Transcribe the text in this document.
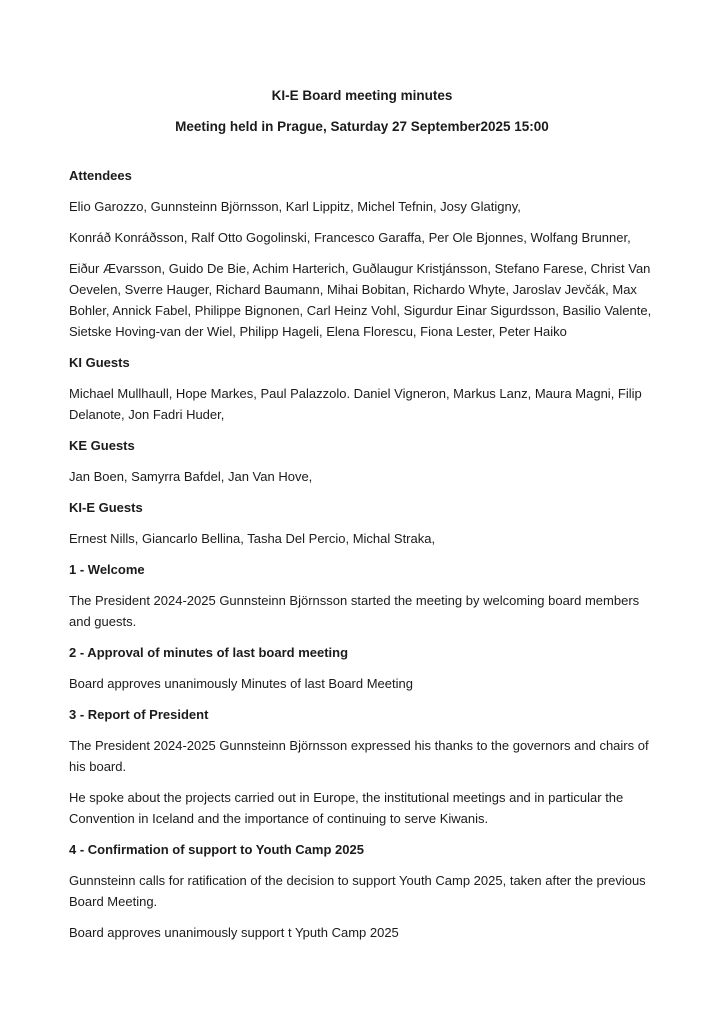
KI-E Board meeting minutes
Meeting held in Prague, Saturday 27 September2025 15:00
Attendees

Elio Garozzo, Gunnsteinn Björnsson, Karl Lippitz, Michel Tefnin, Josy Glatigny,

Konráð Konráðsson, Ralf Otto Gogolinski, Francesco Garaffa, Per Ole Bjonnes, Wolfang Brunner,

Eiður Ævarsson, Guido De Bie, Achim Harterich, Guðlaugur Kristjánsson, Stefano Farese, Christ Van Oevelen, Sverre Hauger, Richard Baumann, Mihai Bobitan, Richardo Whyte, Jaroslav Jevčák, Max Bohler, Annick Fabel, Philippe Bignonen, Carl Heinz Vohl, Sigurdur Einar Sigurdsson, Basilio Valente, Sietske Hoving-van der Wiel, Philipp Hageli, Elena Florescu, Fiona Lester, Peter Haiko

KI Guests

Michael Mullhaull, Hope Markes, Paul Palazzolo. Daniel Vigneron, Markus Lanz, Maura Magni, Filip Delanote, Jon Fadri Huder,

KE Guests

Jan Boen, Samyrra Bafdel, Jan Van Hove,

KI-E Guests

Ernest Nills, Giancarlo Bellina, Tasha Del Percio, Michal Straka,

1 - Welcome

The President 2024-2025 Gunnsteinn Björnsson started the meeting by welcoming board members and guests.

2 - Approval of minutes of last board meeting

Board approves unanimously Minutes of last Board Meeting

3 - Report of President

The President 2024-2025 Gunnsteinn Björnsson expressed his thanks to the governors and chairs of his board.

He spoke about the projects carried out in Europe, the institutional meetings and in particular the Convention in Iceland and the importance of continuing to serve Kiwanis.

4 - Confirmation of support to Youth Camp 2025

Gunnsteinn calls for ratification of the decision to support Youth Camp 2025, taken after the previous Board Meeting.

Board approves unanimously support t Yputh Camp 2025
